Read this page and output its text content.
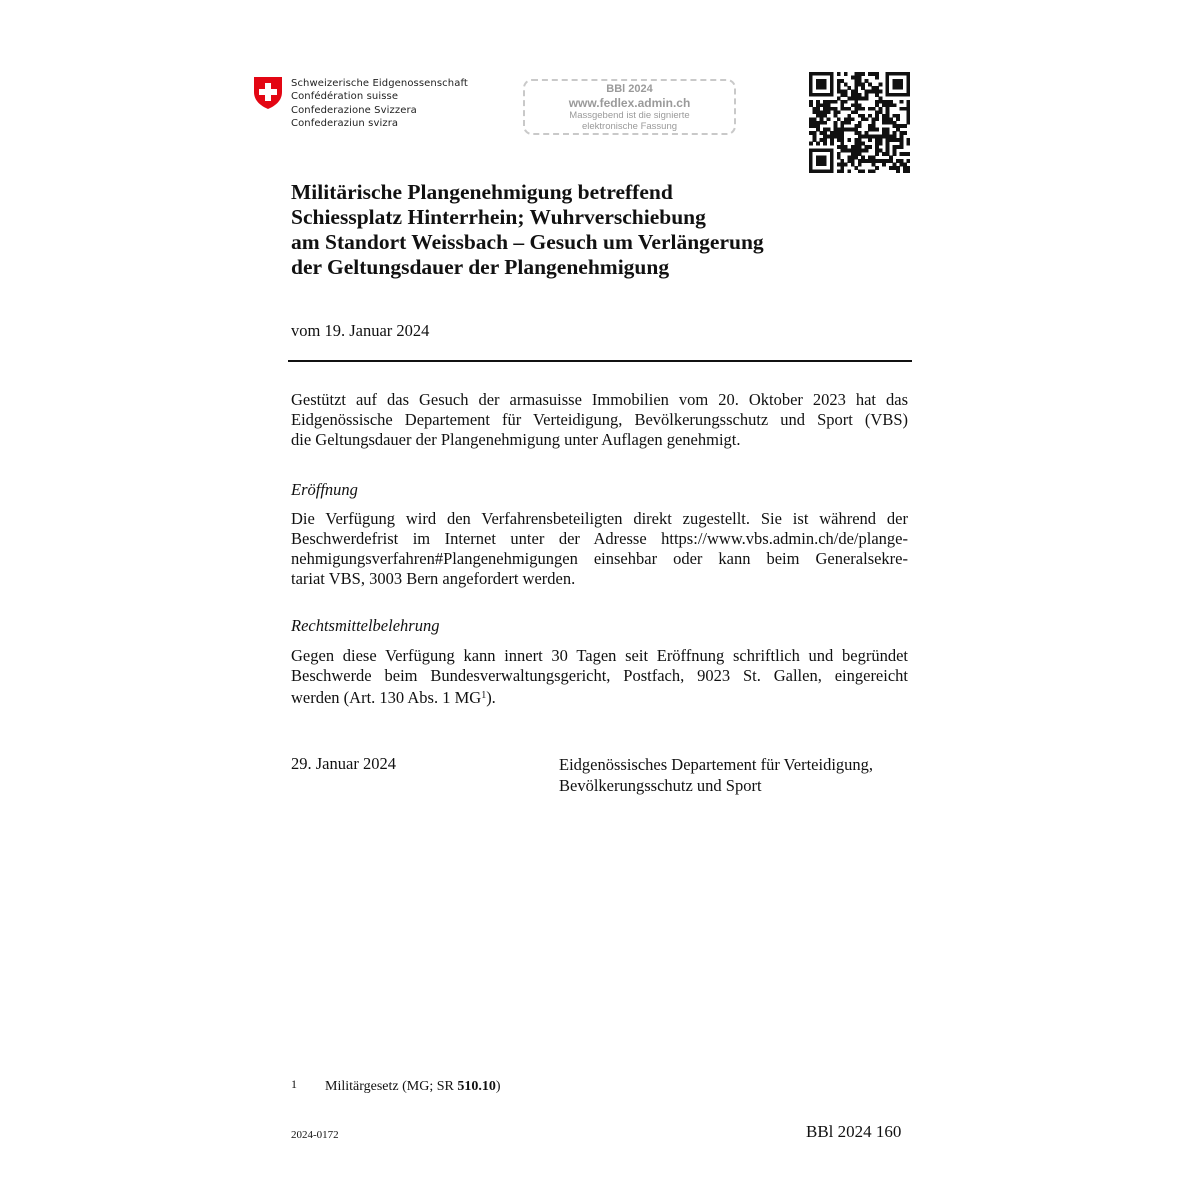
Schweizerische Eidgenossenschaft
Confédération suisse
Confederazione Svizzera
Confederaziun svizra
BBl 2024
www.fedlex.admin.ch
Massgebend ist die signierte
elektronische Fassung
Militärische Plangenehmigung betreffend
Schiessplatz Hinterrhein; Wuhrverschiebung
am Standort Weissbach – Gesuch um Verlängerung
der Geltungsdauer der Plangenehmigung
vom 19. Januar 2024
Gestützt auf das Gesuch der armasuisse Immobilien vom 20. Oktober 2023 hat das
Eidgenössische Departement für Verteidigung, Bevölkerungsschutz und Sport (VBS)
die Geltungsdauer der Plangenehmigung unter Auflagen genehmigt.
Eröffnung
Die Verfügung wird den Verfahrensbeteiligten direkt zugestellt. Sie ist während der
Beschwerdefrist im Internet unter der Adresse https://www.vbs.admin.ch/de/plange-
nehmigungsverfahren#Plangenehmigungen einsehbar oder kann beim Generalsekre-
tariat VBS, 3003 Bern angefordert werden.
Rechtsmittelbelehrung
Gegen diese Verfügung kann innert 30 Tagen seit Eröffnung schriftlich und begründet
Beschwerde beim Bundesverwaltungsgericht, Postfach, 9023 St. Gallen, eingereicht
werden (Art. 130 Abs. 1 MG$^1$).
29. Januar 2024	Eidgenössisches Departement für Verteidigung,
Bevölkerungsschutz und Sport
1 Militärgesetz (MG; SR 510.10)
2024-0172	BBl 2024 160
